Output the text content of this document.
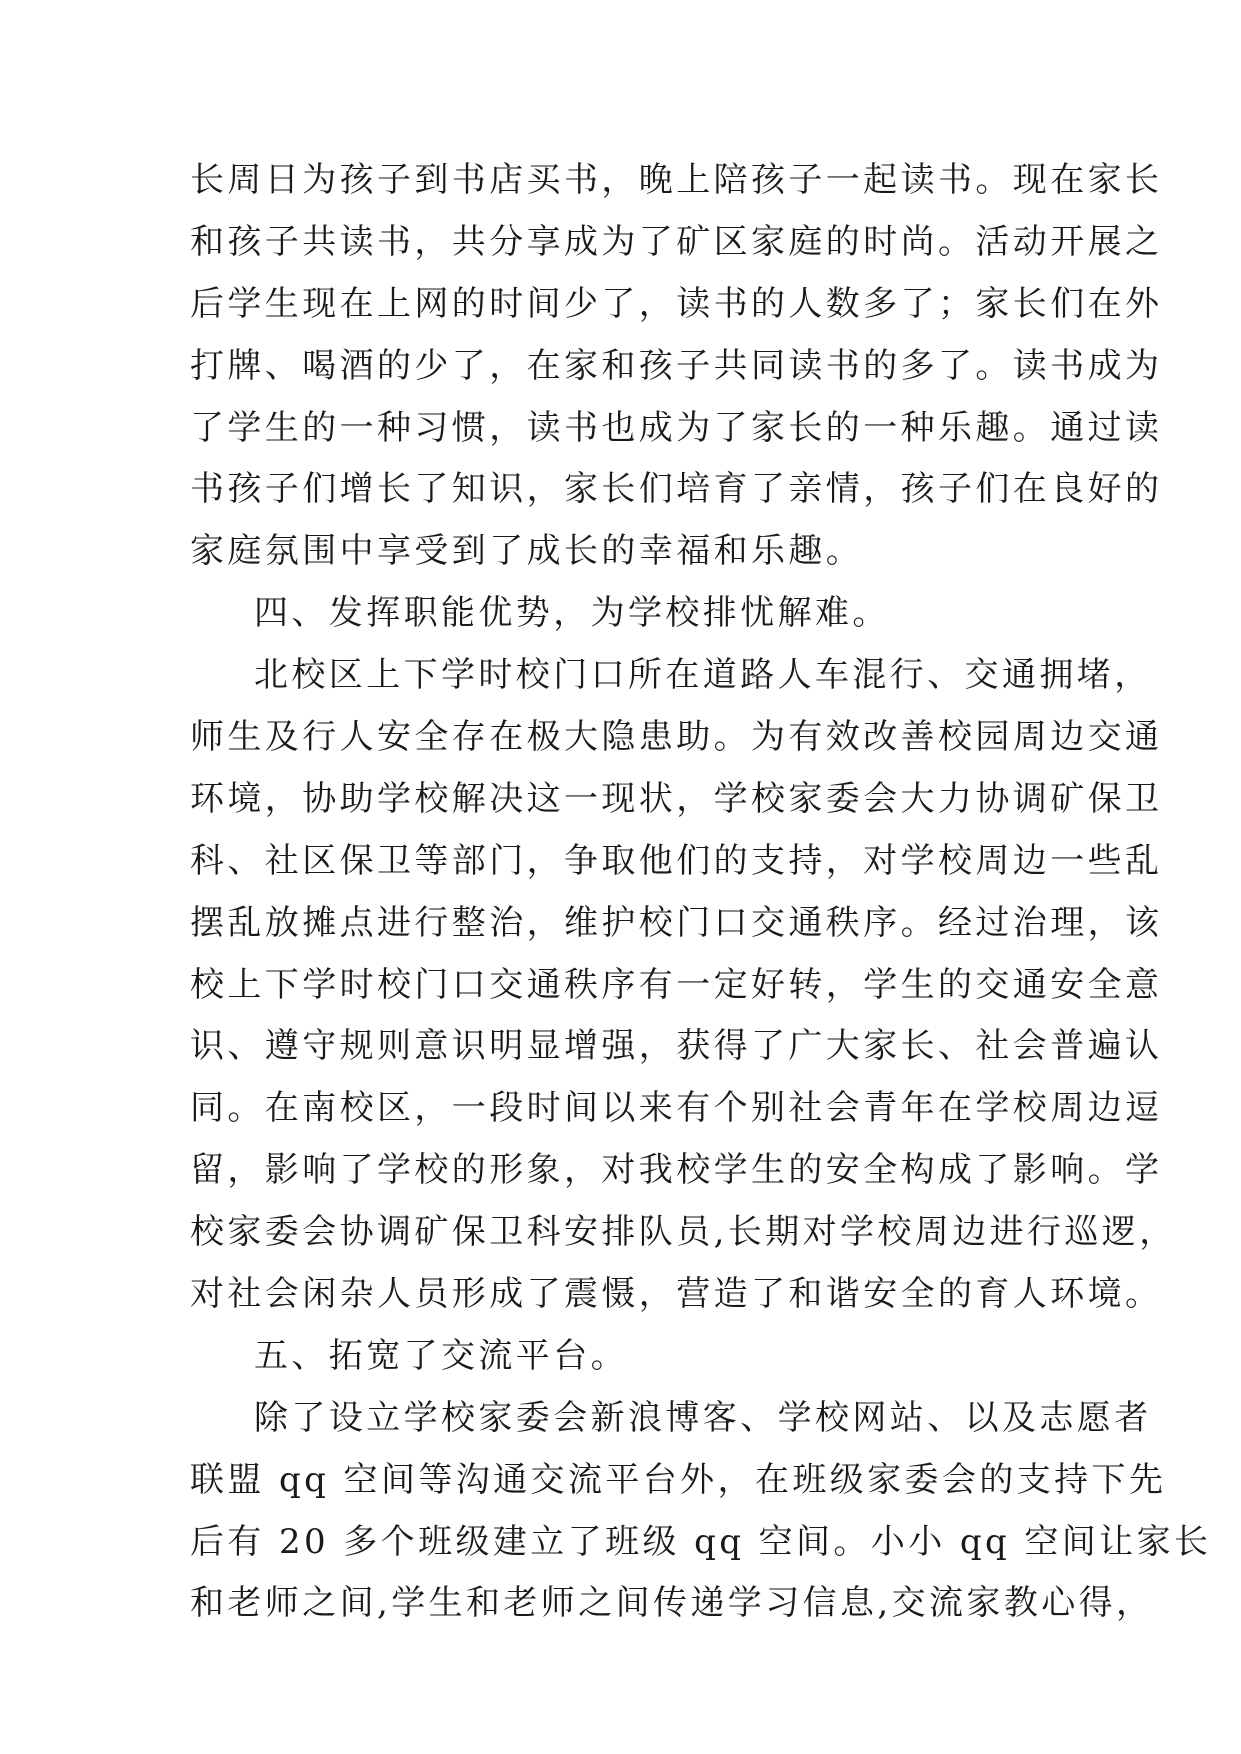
长周日为孩子到书店买书，晚上陪孩子一起读书。现在家长
和孩子共读书，共分享成为了矿区家庭的时尚。活动开展之
后学生现在上网的时间少了，读书的人数多了；家长们在外
打牌、喝酒的少了，在家和孩子共同读书的多了。读书成为
了学生的一种习惯，读书也成为了家长的一种乐趣。通过读
书孩子们增长了知识，家长们培育了亲情，孩子们在良好的
家庭氛围中享受到了成长的幸福和乐趣。
四、发挥职能优势，为学校排忧解难。
北校区上下学时校门口所在道路人车混行、交通拥堵，
师生及行人安全存在极大隐患助。为有效改善校园周边交通
环境，协助学校解决这一现状，学校家委会大力协调矿保卫
科、社区保卫等部门，争取他们的支持，对学校周边一些乱
摆乱放摊点进行整治，维护校门口交通秩序。经过治理，该
校上下学时校门口交通秩序有一定好转，学生的交通安全意
识、遵守规则意识明显增强，获得了广大家长、社会普遍认
同。在南校区，一段时间以来有个别社会青年在学校周边逗
留，影响了学校的形象，对我校学生的安全构成了影响。学
校家委会协调矿保卫科安排队员,长期对学校周边进行巡逻，
对社会闲杂人员形成了震慑，营造了和谐安全的育人环境。
五、拓宽了交流平台。
除了设立学校家委会新浪博客、学校网站、以及志愿者
联盟 qq 空间等沟通交流平台外，在班级家委会的支持下先
后有 20 多个班级建立了班级 qq 空间。小小 qq 空间让家长
和老师之间,学生和老师之间传递学习信息,交流家教心得，
